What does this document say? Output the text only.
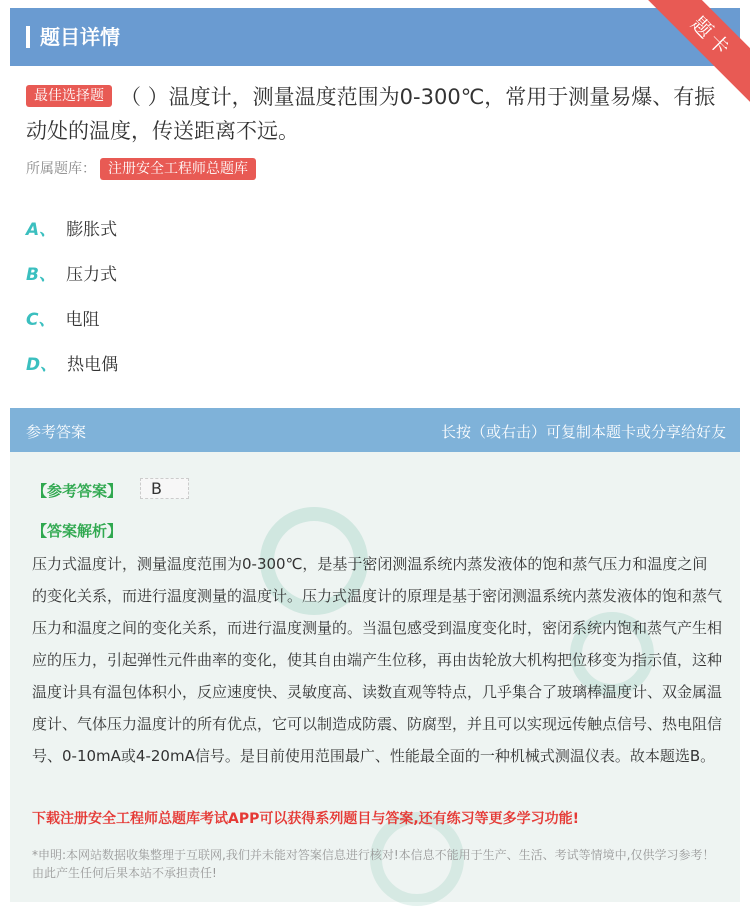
题目详情	题卡
最佳选择题 （ ）温度计，测量温度范围为0-300℃，常用于测量易爆、有振动处的温度，传送距离不远。
所属题库： 注册安全工程师总题库
A、 膨胀式
B、 压力式
C、 电阻
D、 热电偶
参考答案	长按（或右击）可复制本题卡或分享给好友
【参考答案】	B
【答案解析】
压力式温度计，测量温度范围为0-300℃，是基于密闭测温系统内蒸发液体的饱和蒸气压力和温度之间的变化关系，而进行温度测量的温度计。压力式温度计的原理是基于密闭测温系统内蒸发液体的饱和蒸气压力和温度之间的变化关系，而进行温度测量的。当温包感受到温度变化时，密闭系统内饱和蒸气产生相应的压力，引起弹性元件曲率的变化，使其自由端产生位移，再由齿轮放大机构把位移变为指示值，这种温度计具有温包体积小，反应速度快、灵敏度高、读数直观等特点，几乎集合了玻璃棒温度计、双金属温度计、气体压力温度计的所有优点，它可以制造成防震、防腐型，并且可以实现远传触点信号、热电阻信号、0-10mA或4-20mA信号。是目前使用范围最广、性能最全面的一种机械式测温仪表。故本题选B。
下载注册安全工程师总题库考试APP可以获得系列题目与答案,还有练习等更多学习功能!
*申明:本网站数据收集整理于互联网,我们并未能对答案信息进行核对!本信息不能用于生产、生活、考试等情境中,仅供学习参考！由此产生任何后果本站不承担责任!
